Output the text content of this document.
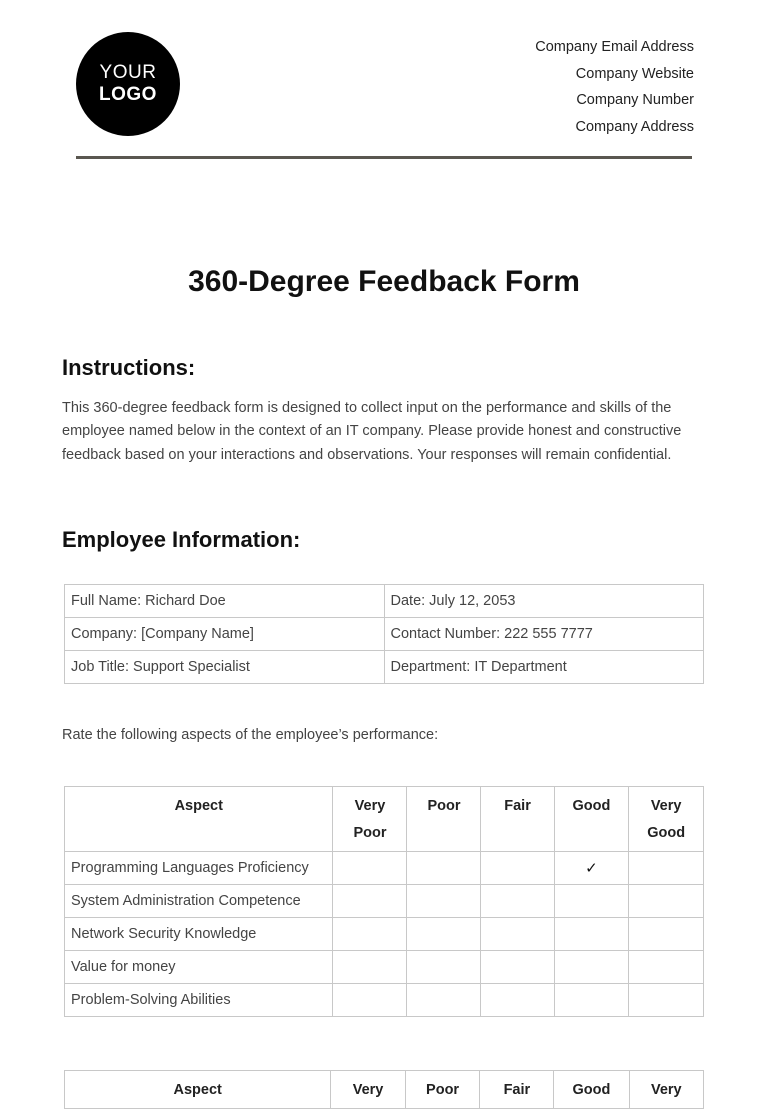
YOUR
LOGO
Company Email Address
Company Website
Company Number
Company Address
360-Degree Feedback Form
Instructions:

This 360-degree feedback form is designed to collect input on the performance and skills of the employee named below in the context of an IT company. Please provide honest and constructive feedback based on your interactions and observations. Your responses will remain confidential.

Employee Information:
Full Name: Richard Doe	Date: July 12, 2053
Company: [Company Name]	Contact Number: 222 555 7777
Job Title: Support Specialist	Department: IT Department

Rate the following aspects of the employee’s performance:

Aspect	Very Poor	Poor	Fair	Good	Very Good
Programming Languages Proficiency				✓	
System Administration Competence					
Network Security Knowledge					
Value for money					
Problem-Solving Abilities					
Aspect	Very	Poor	Fair	Good	Very
